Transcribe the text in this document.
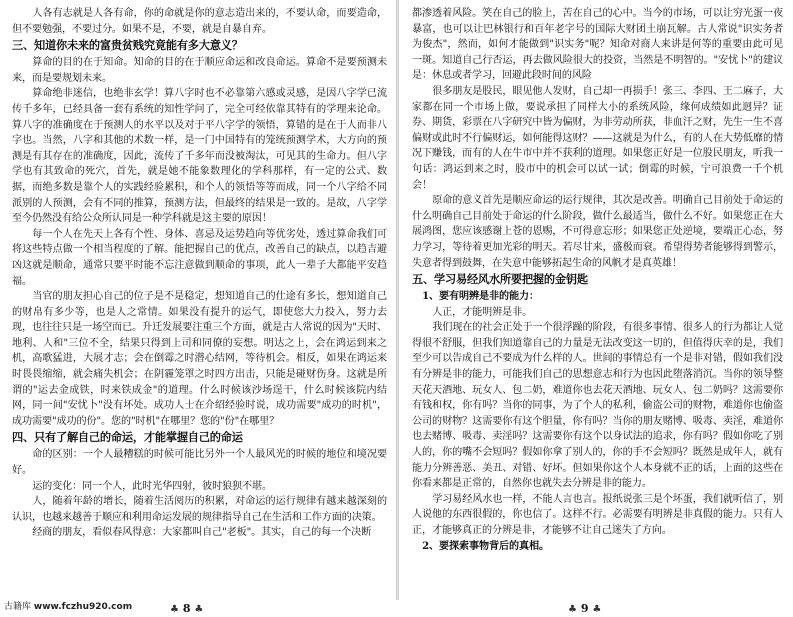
人各有志就是人各有命，你的命就是你的意志造出来的，不要认命，而要造命，但不要勉强，不要过分。如果不是，不要，就是自暴自弃。

三、知道你未来的富贵贫贱究竟能有多大意义？

算命的目的在于知命。知命的目的在于顺应命运和改良命运。算命不是要预测未来，而是要规划未来。

算命绝非迷信，也绝非玄学！算八字时也不必靠第六感或灵感，是因八字学已流传千多年，已经具备一套有系统的知性学问了，完全可经依靠其特有的学理来论命。算八字的准确度在于预测人的水平以及对于平八字学的领悟，算错的是在于人而非八字也。当然，八字和其他的术数一样，是一门中国特有的笼统预测学术，大方向的预测是有其存在的准确度，因此，流传了千多年而没被淘汰，可见其的生命力。但八字学也有其致命的死穴，首先，就是她不能象数理化的学科那样，有一定的公式、数据，而绝多数是靠个人的实践经验累积，和个人的领悟等等而成，同一个八字给不同派别的人预测，会有不同的推算，预测方法，但最终的结果是一致的。是故，八字学至今仍然没有给公众所认同是一种学科就是这主要的原因！

每一个人在先天上各有个性、身体、喜忌及运势趋向等优劣处，透过算命我们可将这些特点做一个相当程度的了解。能把握自己的优点，改善自己的缺点，以趋吉避凶这就是顺命，通常只要平时能不忘注意做到顺命的事项，此人一辈子大都能平安趋福。

当官的朋友担心自己的位子是不是稳定，想知道自己的仕途有多长，想知道自己的财帛有多少等，也是人之常情。如果没有提升的运气，即使您大力投入，努力去现，也往往只是一场空而已。升迁发展要注重三个方面，就是古人常说的因为"天时、地利、人和"三位不全，结果只得到上司和同僚的妄想。明达之上，会在鸿运到来之机，高歌猛进，大展才志；会在倒霉之时潜心结网，等待机会。相反，如果在鸿运来时畏畏缩缩，就会痛失机会；在阴霾笼罩之时四方出击，只能是碰财伤身。这就是所谓的"运去金成铁，时来铁成金"的道理。什么时候该沙场逞干，什么时候该院内结网，同一间"安忧卜"没有坏处。成功人士在介绍经验时说，成功需要"成功的时机"，成功需要"成功的份"。您的"时机"在哪里？您的"份"在哪里？

四、只有了解自己的命运，才能掌握自己的命运

命的区别：一个人最糟糕的时候可能比另外一个人最风光的时候的地位和境况要好。

运的变化：同一个人，此时光华四射，彼时狼狈不堪。

人，随着年龄的增长，随着生活阅历的积累，对命运的运行规律有越来越深刻的认识，也越来越善于顺应和利用命运发展的规律指导自己在生活和工作方面的决策。

经商的朋友，看似春风得意：大家都叫自己"老板"。其实，自己的每一个决断

古籍库 www.fczhu920.com	♣ 8 ♣

都渗透着风险。笑在自己的脸上，苦在自己的心中。当今的市场，可以让穷光蛋一夜暴富，也可以让巴林银行和百年老字号的国际大财团土崩瓦解。古人常说"识实务者为俊杰"，然而，如何才能做到"识实务"呢？知命对商人来讲是何等的重要由此可见一斑。知道自己行否运，再去做风险很大的投资，当然是不明智的。"安忧卜"的建议是：休息或者学习，回避此段时间的风险

很多朋友是股民，眼见他人发财，自己却一再损手！张三、李四、王二麻子，大家都在同一个市场上做，要说承担了同样大小的系统风险，缘何成绩如此迥异？证券、期货，彩票在八字研究中皆为偏财，为非劳动所获，非血汗之财，先生一生不喜偏财或此时不行偏财运，如何能得这财？——这就是为什么，有的人在大势低靡的情况下赚钱，而有的人在牛市中并不获利的道理。如果您正好是一位股民朋友，听我一句话：鸿运到来之时，股市中的机会可以试一试；倒霉的时候，宁可浪费一千个机会！

原命的意义首先是顺应命运的运行规律，其次是改善。明确自己目前处于命运的什么明确自己目前处于命运的什么阶段，做什么最适当，做什么不好。如果您正在大展鸿图，您应该感谢上苍的恩赐，不可得意忘形；如果您正处逆境，要端正心态，努力学习，等待着更加光彩的明天。若尽甘来，盛极而衰。希望得势者能够得到警示，失意者得到鼓舞，在失意中能够拓起生命的风帆才是真英雄！

五、学习易经风水所要把握的金钥匙

1、要有明辨是非的能力：

人正，才能明辨是非。

我们现在的社会正处于一个很浮躁的阶段，有很多事情、很多人的行为都让人觉得很不舒服，但我们知道靠自己的力量是无法改变这一切的，但值得庆幸的是，我们至少可以告成自己不要成为什么样的人。世间的事情总有一个是非对错，假如我们没有分辨是非的能力，可能我们自己的思想意志和行为也因此堕落消沉。当你的领导整天花天酒地、玩女人、包二奶，难道你也去花天酒地、玩女人、包二奶吗？这需要你有钱和权，你有吗？当你的同事，为了个人的私利，偷盗公司的财物，难道你也偷盗公司的财物？这需要你有这个胆量，你有吗？当你的朋友赌博、吸毒、卖淫，难道你也去赌博、吸毒、卖淫吗？这需要你有这个以身试法的追求，你有吗？假如你吃了别人的，你的嘴不会短吗？假如你拿了别人的，你的手不会短吗？既然是成年人，就有能力分辨善恶、美丑、对错、好坏。但如果你这个人本身就不正的话，上面的这些在你看来都是正常的，自然你也就失去分辨是非的能力。

学习易经风水也一样，不能人言也言。报纸说张三是个坏蛋，我们就听信了，别人说他的东西很假的，你也信了。这样不行。必需要有明辨是非真假的能力。只有人正，才能够真正的分辨是非，才能够不让自己迷失了方向。

2、要探索事物背后的真相。

♣ 9 ♣
